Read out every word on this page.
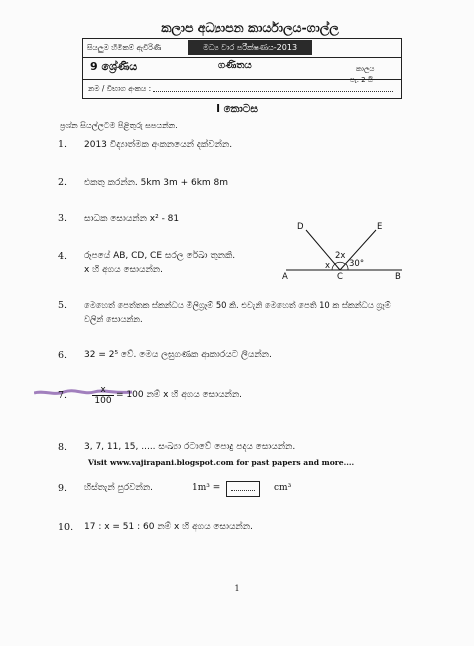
කලාප අධ්‍යාපන කාර්යාලය-ගාල්ල
සියලුම හිමිකම් ඇවිරිණි	මධ්‍ය වාර පරීක්ෂණය-2013
9 ශ්‍රේණිය	ගණිතය	කාලය
පැ. 2 යි
නම / විභාග අංකය :
I කොටස
ප්‍රශ්න සියල්ලටම පිළිතුරු සපයන්න.
1. 2013 විද්‍යාත්මක අංකනයෙන් දක්වන්න.
2. එකතු කරන්න. 5km 3m + 6km 8m
3. සාධක සොයන්න x² - 81
4. රූපයේ AB, CD, CE සරල රේඛා තුනකි.
x හි අගය සොයන්න.
D	E
A	B
C
x
2x
30°
5. මෙහෙත් පෙත්තක ස්කන්ධය මිලිග්‍රෑම් 50 කි. එවැනි මෙහෙත් පෙති 10 ක ස්කන්ධය ග්‍රෑම්
වලින් සොයන්න.
6. 32 = 2⁵ වේ. මෙය ලඝුගණක ආකාරයට ලියන්න.
7.	$\frac{x}{100} = 100$ නම් x හි අගය සොයන්න.
8. 3, 7, 11, 15, ..... සංඛ්‍යා රටාවේ පොදු පදය සොයන්න.
Visit www.vajirapani.blogspot.com for past papers and more....
9. හිස්තැන් පුරවන්න.	1m³ =	cm³
10. 17 : x = 51 : 60 නම් x හි අගය සොයන්න.
1
